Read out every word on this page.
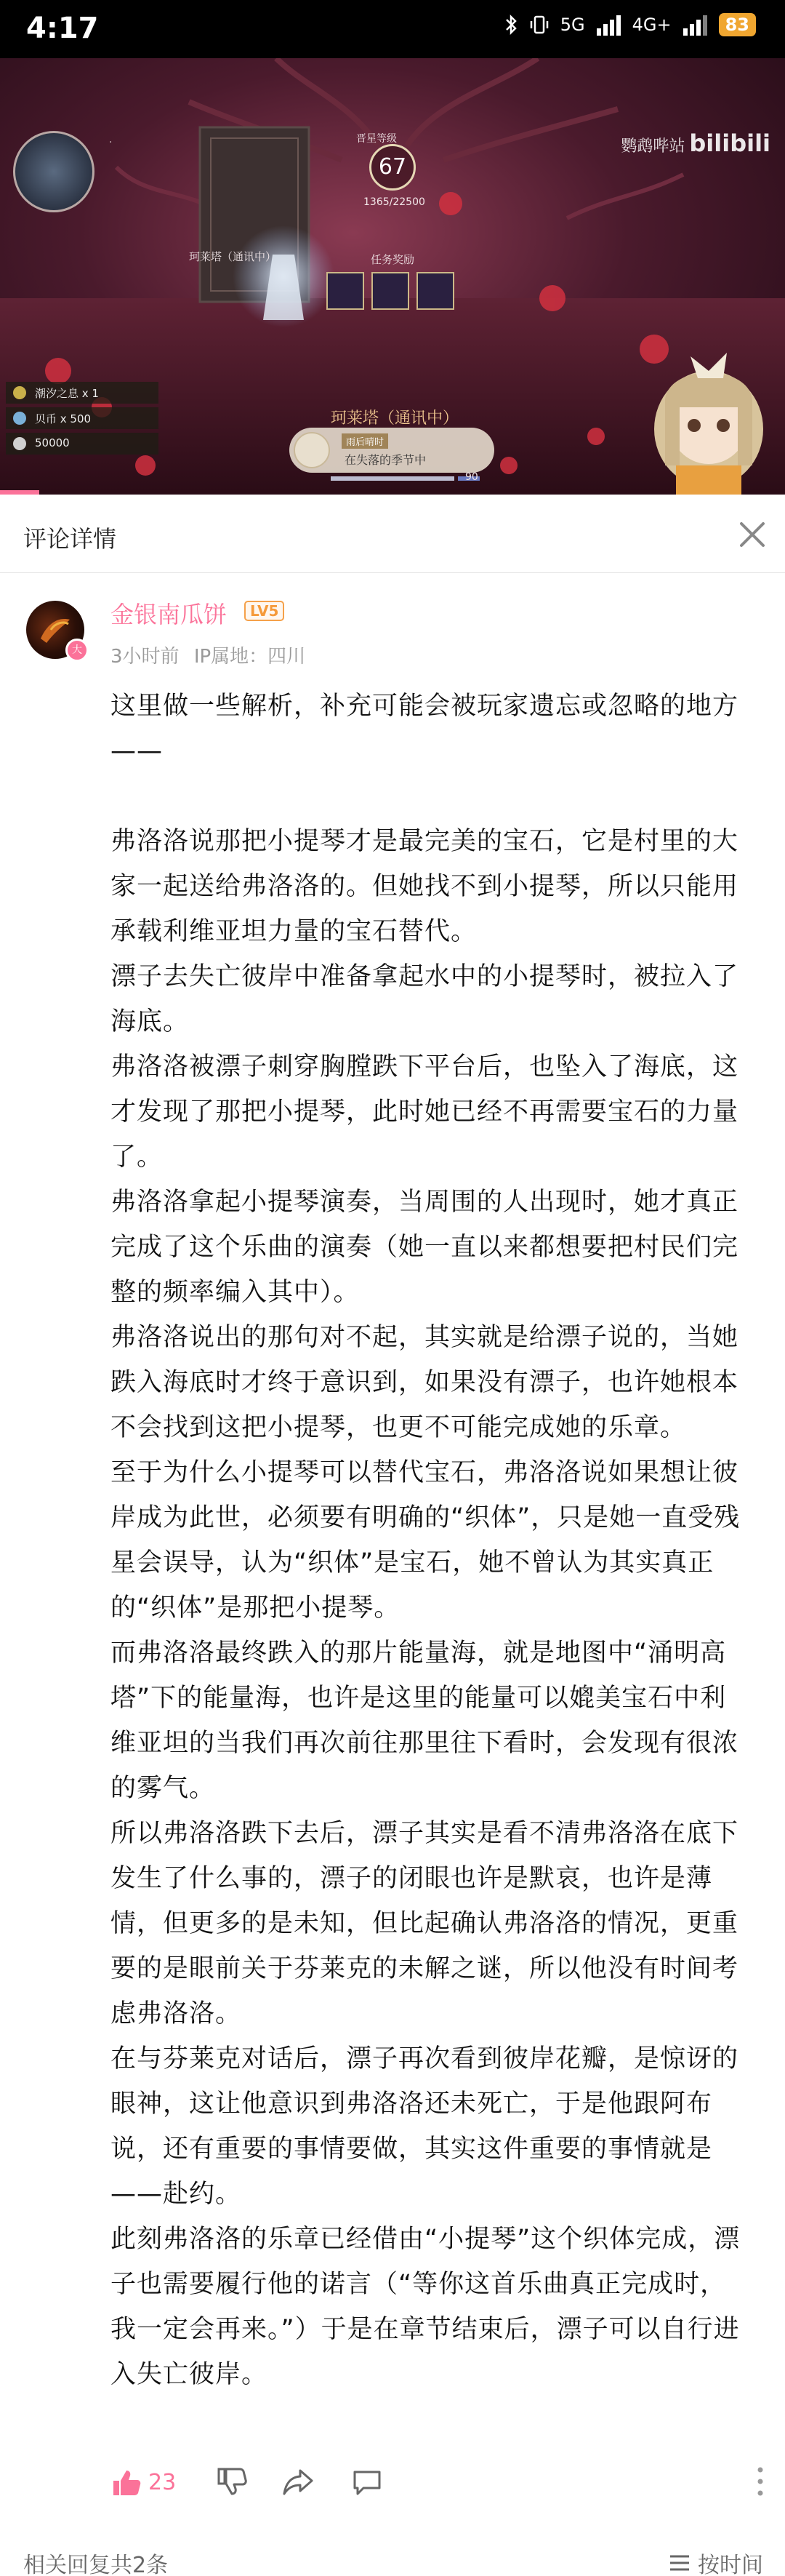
4:17	5G	4G+	83
·	晋星等级
67
1365/22500
任务奖励
珂莱塔（通讯中）
珂莱塔（通讯中）
潮汐之息 x 1
贝币 x 500
50000	雨后晴时
在失落的季节中
90
鹦鹉哔站 bilibili
评论详情
大
金银南瓜饼	LV5
3小时前 IP属地：四川

这里做一些解析，补充可能会被玩家遗忘或忽略的地方——

弗洛洛说那把小提琴才是最完美的宝石，它是村里的大家一起送给弗洛洛的。但她找不到小提琴，所以只能用承载利维亚坦力量的宝石替代。

漂子去失亡彼岸中准备拿起水中的小提琴时，被拉入了海底。

弗洛洛被漂子刺穿胸膛跌下平台后，也坠入了海底，这才发现了那把小提琴，此时她已经不再需要宝石的力量了。

弗洛洛拿起小提琴演奏，当周围的人出现时，她才真正完成了这个乐曲的演奏（她一直以来都想要把村民们完整的频率编入其中）。

弗洛洛说出的那句对不起，其实就是给漂子说的，当她跌入海底时才终于意识到，如果没有漂子，也许她根本不会找到这把小提琴，也更不可能完成她的乐章。

至于为什么小提琴可以替代宝石，弗洛洛说如果想让彼岸成为此世，必须要有明确的“织体”，只是她一直受残星会误导，认为“织体”是宝石，她不曾认为其实真正的“织体”是那把小提琴。

而弗洛洛最终跌入的那片能量海，就是地图中“涌明高塔”下的能量海，也许是这里的能量可以媲美宝石中利维亚坦的当我们再次前往那里往下看时，会发现有很浓的雾气。

所以弗洛洛跌下去后，漂子其实是看不清弗洛洛在底下发生了什么事的，漂子的闭眼也许是默哀，也许是薄情，但更多的是未知，但比起确认弗洛洛的情况，更重要的是眼前关于芬莱克的未解之谜，所以他没有时间考虑弗洛洛。

在与芬莱克对话后，漂子再次看到彼岸花瓣，是惊讶的眼神，这让他意识到弗洛洛还未死亡，于是他跟阿布说，还有重要的事情要做，其实这件重要的事情就是——赴约。

此刻弗洛洛的乐章已经借由“小提琴”这个织体完成，漂子也需要履行他的诺言（“等你这首乐曲真正完成时，我一定会再来。”）于是在章节结束后，漂子可以自行进入失亡彼岸。

23
相关回复共2条	按时间
